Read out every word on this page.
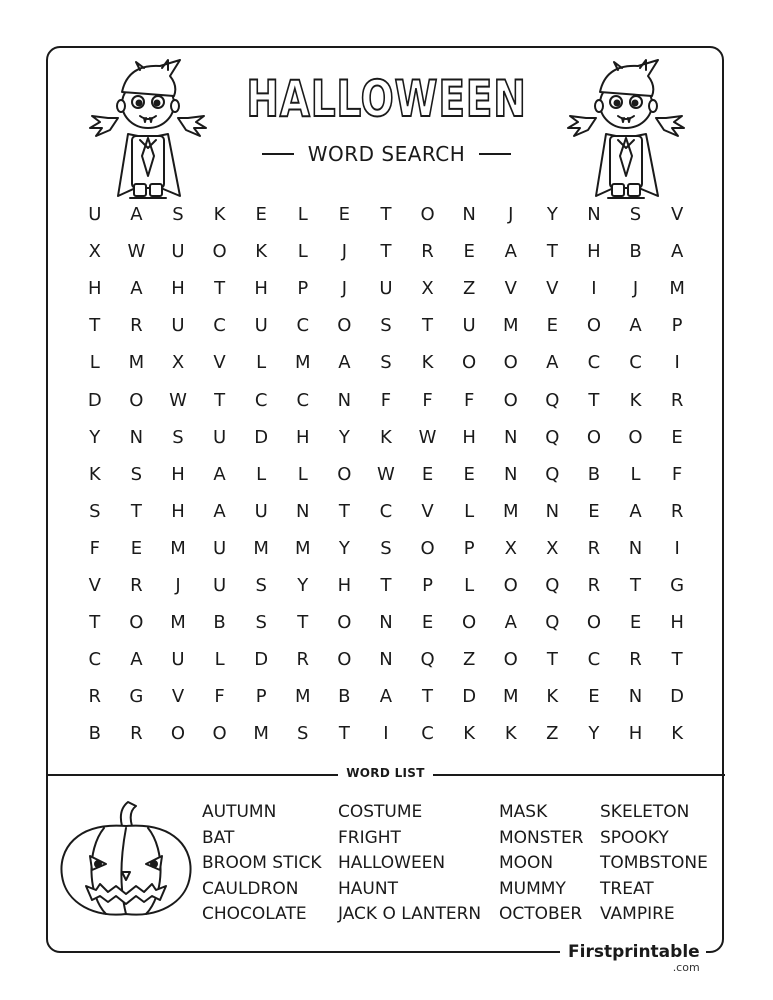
HALLOWEEN
WORD SEARCH
U	A	S	K	E	L	E	T	O	N	J	Y	N	S	V
X	W	U	O	K	L	J	T	R	E	A	T	H	B	A
H	A	H	T	H	P	J	U	X	Z	V	V	I	J	M
T	R	U	C	U	C	O	S	T	U	M	E	O	A	P
L	M	X	V	L	M	A	S	K	O	O	A	C	C	I
D	O	W	T	C	C	N	F	F	F	O	Q	T	K	R
Y	N	S	U	D	H	Y	K	W	H	N	Q	O	O	E
K	S	H	A	L	L	O	W	E	E	N	Q	B	L	F
S	T	H	A	U	N	T	C	V	L	M	N	E	A	R
F	E	M	U	M	M	Y	S	O	P	X	X	R	N	I
V	R	J	U	S	Y	H	T	P	L	O	Q	R	T	G
T	O	M	B	S	T	O	N	E	O	A	Q	O	E	H
C	A	U	L	D	R	O	N	Q	Z	O	T	C	R	T
R	G	V	F	P	M	B	A	T	D	M	K	E	N	D
B	R	O	O	M	S	T	I	C	K	K	Z	Y	H	K
WORD LIST
AUTUMN
BAT
BROOM STICK
CAULDRON
CHOCOLATE
COSTUME
FRIGHT
HALLOWEEN
HAUNT
JACK O LANTERN
MASK
MONSTER
MOON
MUMMY
OCTOBER
SKELETON
SPOOKY
TOMBSTONE
TREAT
VAMPIRE
Firstprintable
.com
